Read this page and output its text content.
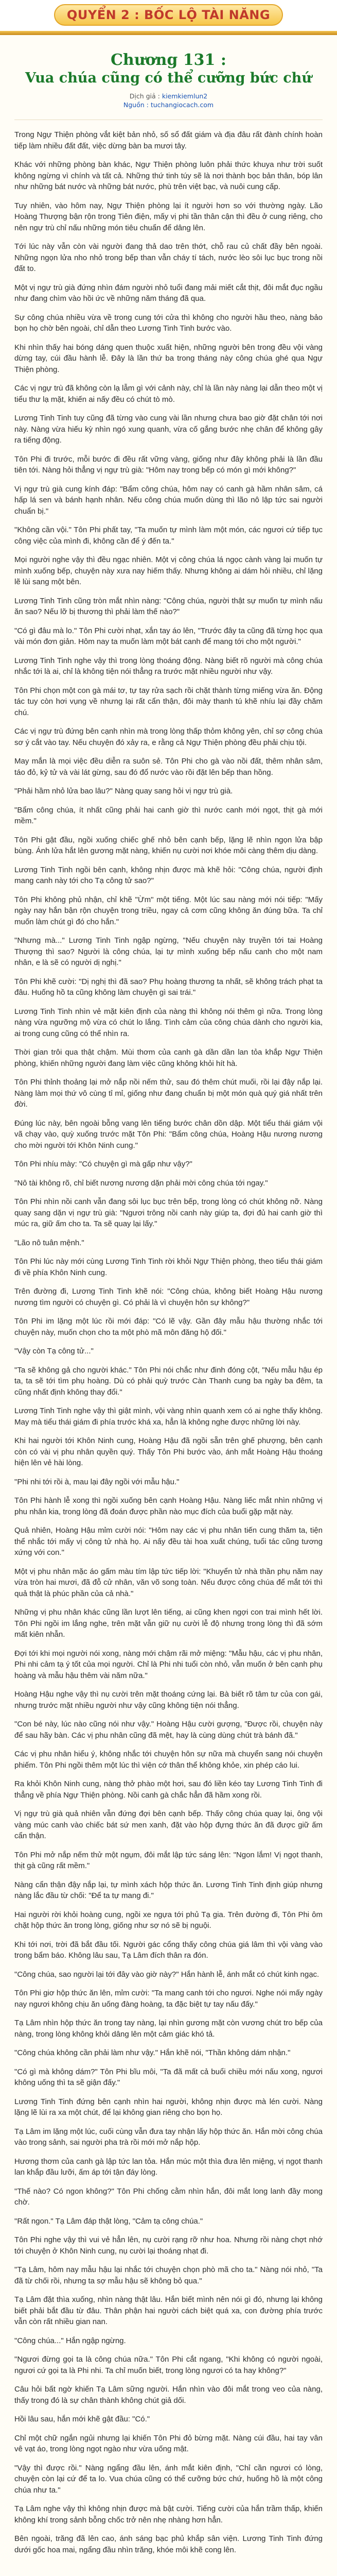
QUYỂN 2 : BỐC LỘ TÀI NĂNG
Chương 131 :
Vua chúa cũng có thể cưỡng bức chứ
Dịch giả : kiemkiemlun2
Nguồn : tuchangiocach.com

Trong Ngự Thiện phòng vắt kiệt bản nhỏ, số sổ đất giám và địa đâu rất đành chính hoàn tiếp làm nhiều đất đất, việc dừng bàn ba mươi tây.

Khác với những phòng bàn khác, Ngự Thiện phòng luôn phải thức khuya như trời suốt không ngừng vì chính và tất cả. Những thứ tinh túy sẽ là nơi thành bọc bản thân, bóp lân như những bát nước và những bát nước, phù trên việt bạc, và nuôi cung cấp.

Tuy nhiên, vào hôm nay, Ngự Thiện phòng lại ít người hơn so với thường ngày. Lão Hoàng Thượng bận rộn trong Tiên điện, mấy vị phi tần thân cận thì đều ở cung riêng, cho nên ngự trù chỉ nấu những món tiêu chuẩn để dâng lên.

Tới lúc này vẫn còn vài người đang thả dao trên thớt, chỗ rau củ chất đầy bên ngoài. Những ngọn lửa nho nhỏ trong bếp than vẫn cháy tí tách, nước lèo sôi lục bục trong nồi đất to.

Một vị ngự trù già đứng nhìn đám người nhỏ tuổi đang mải miết cắt thịt, đôi mắt đục ngầu như đang chìm vào hồi ức về những năm tháng đã qua.

Sự công chúa nhiều vừa về trong cung tới cửa thì không cho người hầu theo, nàng bảo bọn họ chờ bên ngoài, chỉ dẫn theo Lương Tinh Tinh bước vào.

Khi nhìn thấy hai bóng dáng quen thuộc xuất hiện, những người bên trong đều vội vàng dừng tay, cúi đầu hành lễ. Đây là lần thứ ba trong tháng này công chúa ghé qua Ngự Thiện phòng.

Các vị ngự trù đã không còn lạ lẫm gì với cảnh này, chỉ là lần này nàng lại dẫn theo một vị tiểu thư lạ mặt, khiến ai nấy đều có chút tò mò.

Lương Tinh Tinh tuy cũng đã từng vào cung vài lần nhưng chưa bao giờ đặt chân tới nơi này. Nàng vừa hiếu kỳ nhìn ngó xung quanh, vừa cố gắng bước nhẹ chân để không gây ra tiếng động.

Tôn Phi đi trước, mỗi bước đi đều rất vững vàng, giống như đây không phải là lần đầu tiên tới. Nàng hỏi thẳng vị ngự trù già: "Hôm nay trong bếp có món gì mới không?"

Vị ngự trù già cung kính đáp: "Bẩm công chúa, hôm nay có canh gà hầm nhân sâm, cá hấp lá sen và bánh hạnh nhân. Nếu công chúa muốn dùng thì lão nô lập tức sai người chuẩn bị."

"Không cần vội." Tôn Phi phất tay, "Ta muốn tự mình làm một món, các ngươi cứ tiếp tục công việc của mình đi, không cần để ý đến ta."

Mọi người nghe vậy thì đều ngạc nhiên. Một vị công chúa lá ngọc cành vàng lại muốn tự mình xuống bếp, chuyện này xưa nay hiếm thấy. Nhưng không ai dám hỏi nhiều, chỉ lặng lẽ lùi sang một bên.

Lương Tinh Tinh cũng tròn mắt nhìn nàng: "Công chúa, người thật sự muốn tự mình nấu ăn sao? Nếu lỡ bị thương thì phải làm thế nào?"

"Có gì đâu mà lo." Tôn Phi cười nhạt, xắn tay áo lên, "Trước đây ta cũng đã từng học qua vài món đơn giản. Hôm nay ta muốn làm một bát canh để mang tới cho một người."

Lương Tinh Tinh nghe vậy thì trong lòng thoáng động. Nàng biết rõ người mà công chúa nhắc tới là ai, chỉ là không tiện nói thẳng ra trước mặt nhiều người như vậy.

Tôn Phi chọn một con gà mái tơ, tự tay rửa sạch rồi chặt thành từng miếng vừa ăn. Động tác tuy còn hơi vụng về nhưng lại rất cẩn thận, đôi mày thanh tú khẽ nhíu lại đầy chăm chú.

Các vị ngự trù đứng bên cạnh nhìn mà trong lòng thấp thỏm không yên, chỉ sợ công chúa sơ ý cắt vào tay. Nếu chuyện đó xảy ra, e rằng cả Ngự Thiện phòng đều phải chịu tội.

May mắn là mọi việc đều diễn ra suôn sẻ. Tôn Phi cho gà vào nồi đất, thêm nhân sâm, táo đỏ, kỷ tử và vài lát gừng, sau đó đổ nước vào rồi đặt lên bếp than hồng.

"Phải hầm nhỏ lửa bao lâu?" Nàng quay sang hỏi vị ngự trù già.

"Bẩm công chúa, ít nhất cũng phải hai canh giờ thì nước canh mới ngọt, thịt gà mới mềm."

Tôn Phi gật đầu, ngồi xuống chiếc ghế nhỏ bên cạnh bếp, lặng lẽ nhìn ngọn lửa bập bùng. Ánh lửa hắt lên gương mặt nàng, khiến nụ cười nơi khóe môi càng thêm dịu dàng.

Lương Tinh Tinh ngồi bên cạnh, không nhịn được mà khẽ hỏi: "Công chúa, người định mang canh này tới cho Tạ công tử sao?"

Tôn Phi không phủ nhận, chỉ khẽ "Ừm" một tiếng. Một lúc sau nàng mới nói tiếp: "Mấy ngày nay hắn bận rộn chuyện trong triều, ngay cả cơm cũng không ăn đúng bữa. Ta chỉ muốn làm chút gì đó cho hắn."

"Nhưng mà..." Lương Tinh Tinh ngập ngừng, "Nếu chuyện này truyền tới tai Hoàng Thượng thì sao? Người là công chúa, lại tự mình xuống bếp nấu canh cho một nam nhân, e là sẽ có người dị nghị."

Tôn Phi khẽ cười: "Dị nghị thì đã sao? Phụ hoàng thương ta nhất, sẽ không trách phạt ta đâu. Huống hồ ta cũng không làm chuyện gì sai trái."

Lương Tinh Tinh nhìn vẻ mặt kiên định của nàng thì không nói thêm gì nữa. Trong lòng nàng vừa ngưỡng mộ vừa có chút lo lắng. Tình cảm của công chúa dành cho người kia, ai trong cung cũng có thể nhìn ra.

Thời gian trôi qua thật chậm. Mùi thơm của canh gà dần dần lan tỏa khắp Ngự Thiện phòng, khiến những người đang làm việc cũng không khỏi hít hà.

Tôn Phi thỉnh thoảng lại mở nắp nồi nếm thử, sau đó thêm chút muối, rồi lại đậy nắp lại. Nàng làm mọi thứ vô cùng tỉ mỉ, giống như đang chuẩn bị một món quà quý giá nhất trên đời.

Đúng lúc này, bên ngoài bỗng vang lên tiếng bước chân dồn dập. Một tiểu thái giám vội vã chạy vào, quỳ xuống trước mặt Tôn Phi: "Bẩm công chúa, Hoàng Hậu nương nương cho mời người tới Khôn Ninh cung."

Tôn Phi nhíu mày: "Có chuyện gì mà gấp như vậy?"

"Nô tài không rõ, chỉ biết nương nương dặn phải mời công chúa tới ngay."

Tôn Phi nhìn nồi canh vẫn đang sôi lục bục trên bếp, trong lòng có chút không nỡ. Nàng quay sang dặn vị ngự trù già: "Ngươi trông nồi canh này giúp ta, đợi đủ hai canh giờ thì múc ra, giữ ấm cho ta. Ta sẽ quay lại lấy."

"Lão nô tuân mệnh."

Tôn Phi lúc này mới cùng Lương Tinh Tinh rời khỏi Ngự Thiện phòng, theo tiểu thái giám đi về phía Khôn Ninh cung.

Trên đường đi, Lương Tinh Tinh khẽ nói: "Công chúa, không biết Hoàng Hậu nương nương tìm người có chuyện gì. Có phải là vì chuyện hôn sự không?"

Tôn Phi im lặng một lúc rồi mới đáp: "Có lẽ vậy. Gần đây mẫu hậu thường nhắc tới chuyện này, muốn chọn cho ta một phò mã môn đăng hộ đối."

"Vậy còn Tạ công tử..."

"Ta sẽ không gả cho người khác." Tôn Phi nói chắc như đinh đóng cột, "Nếu mẫu hậu ép ta, ta sẽ tới tìm phụ hoàng. Dù có phải quỳ trước Càn Thanh cung ba ngày ba đêm, ta cũng nhất định không thay đổi."

Lương Tinh Tinh nghe vậy thì giật mình, vội vàng nhìn quanh xem có ai nghe thấy không. May mà tiểu thái giám đi phía trước khá xa, hẳn là không nghe được những lời này.

Khi hai người tới Khôn Ninh cung, Hoàng Hậu đã ngồi sẵn trên ghế phượng, bên cạnh còn có vài vị phu nhân quyền quý. Thấy Tôn Phi bước vào, ánh mắt Hoàng Hậu thoáng hiện lên vẻ hài lòng.

"Phi nhi tới rồi à, mau lại đây ngồi với mẫu hậu."

Tôn Phi hành lễ xong thì ngồi xuống bên cạnh Hoàng Hậu. Nàng liếc mắt nhìn những vị phu nhân kia, trong lòng đã đoán được phần nào mục đích của buổi gặp mặt này.

Quả nhiên, Hoàng Hậu mỉm cười nói: "Hôm nay các vị phu nhân tiến cung thăm ta, tiện thể nhắc tới mấy vị công tử nhà họ. Ai nấy đều tài hoa xuất chúng, tuổi tác cũng tương xứng với con."

Một vị phu nhân mặc áo gấm màu tím lập tức tiếp lời: "Khuyển tử nhà thần phụ năm nay vừa tròn hai mươi, đã đỗ cử nhân, văn võ song toàn. Nếu được công chúa để mắt tới thì quả thật là phúc phần của cả nhà."

Những vị phu nhân khác cũng lần lượt lên tiếng, ai cũng khen ngợi con trai mình hết lời. Tôn Phi ngồi im lắng nghe, trên mặt vẫn giữ nụ cười lễ độ nhưng trong lòng thì đã sớm mất kiên nhẫn.

Đợi tới khi mọi người nói xong, nàng mới chậm rãi mở miệng: "Mẫu hậu, các vị phu nhân, Phi nhi cảm tạ ý tốt của mọi người. Chỉ là Phi nhi tuổi còn nhỏ, vẫn muốn ở bên cạnh phụ hoàng và mẫu hậu thêm vài năm nữa."

Hoàng Hậu nghe vậy thì nụ cười trên mặt thoáng cứng lại. Bà biết rõ tâm tư của con gái, nhưng trước mặt nhiều người như vậy cũng không tiện nói thẳng.

"Con bé này, lúc nào cũng nói như vậy." Hoàng Hậu cười gượng, "Được rồi, chuyện này để sau hãy bàn. Các vị phu nhân cũng đã mệt, hay là cùng dùng chút trà bánh đã."

Các vị phu nhân hiểu ý, không nhắc tới chuyện hôn sự nữa mà chuyển sang nói chuyện phiếm. Tôn Phi ngồi thêm một lúc thì viện cớ thân thể không khỏe, xin phép cáo lui.

Ra khỏi Khôn Ninh cung, nàng thở phào một hơi, sau đó liền kéo tay Lương Tinh Tinh đi thẳng về phía Ngự Thiện phòng. Nồi canh gà chắc hẳn đã hầm xong rồi.

Vị ngự trù già quả nhiên vẫn đứng đợi bên cạnh bếp. Thấy công chúa quay lại, ông vội vàng múc canh vào chiếc bát sứ men xanh, đặt vào hộp đựng thức ăn đã được giữ ấm cẩn thận.

Tôn Phi mở nắp nếm thử một ngụm, đôi mắt lập tức sáng lên: "Ngon lắm! Vị ngọt thanh, thịt gà cũng rất mềm."

Nàng cẩn thận đậy nắp lại, tự mình xách hộp thức ăn. Lương Tinh Tinh định giúp nhưng nàng lắc đầu từ chối: "Để ta tự mang đi."

Hai người rời khỏi hoàng cung, ngồi xe ngựa tới phủ Tạ gia. Trên đường đi, Tôn Phi ôm chặt hộp thức ăn trong lòng, giống như sợ nó sẽ bị nguội.

Khi tới nơi, trời đã bắt đầu tối. Người gác cổng thấy công chúa giá lâm thì vội vàng vào trong bẩm báo. Không lâu sau, Tạ Lâm đích thân ra đón.

"Công chúa, sao người lại tới đây vào giờ này?" Hắn hành lễ, ánh mắt có chút kinh ngạc.

Tôn Phi giơ hộp thức ăn lên, mỉm cười: "Ta mang canh tới cho ngươi. Nghe nói mấy ngày nay ngươi không chịu ăn uống đàng hoàng, ta đặc biệt tự tay nấu đấy."

Tạ Lâm nhìn hộp thức ăn trong tay nàng, lại nhìn gương mặt còn vương chút tro bếp của nàng, trong lòng không khỏi dâng lên một cảm giác khó tả.

"Công chúa không cần phải làm như vậy." Hắn khẽ nói, "Thần không dám nhận."

"Có gì mà không dám?" Tôn Phi bĩu môi, "Ta đã mất cả buổi chiều mới nấu xong, ngươi không uống thì ta sẽ giận đấy."

Lương Tinh Tinh đứng bên cạnh nhìn hai người, không nhịn được mà lén cười. Nàng lặng lẽ lùi ra xa một chút, để lại không gian riêng cho bọn họ.

Tạ Lâm im lặng một lúc, cuối cùng vẫn đưa tay nhận lấy hộp thức ăn. Hắn mời công chúa vào trong sảnh, sai người pha trà rồi mới mở nắp hộp.

Hương thơm của canh gà lập tức lan tỏa. Hắn múc một thìa đưa lên miệng, vị ngọt thanh lan khắp đầu lưỡi, ấm áp tới tận đáy lòng.

"Thế nào? Có ngon không?" Tôn Phi chống cằm nhìn hắn, đôi mắt long lanh đầy mong chờ.

"Rất ngon." Tạ Lâm đáp thật lòng, "Cảm tạ công chúa."

Tôn Phi nghe vậy thì vui vẻ hẳn lên, nụ cười rạng rỡ như hoa. Nhưng rồi nàng chợt nhớ tới chuyện ở Khôn Ninh cung, nụ cười lại thoáng nhạt đi.

"Tạ Lâm, hôm nay mẫu hậu lại nhắc tới chuyện chọn phò mã cho ta." Nàng nói nhỏ, "Ta đã từ chối rồi, nhưng ta sợ mẫu hậu sẽ không bỏ qua."

Tạ Lâm đặt thìa xuống, nhìn nàng thật lâu. Hắn biết mình nên nói gì đó, nhưng lại không biết phải bắt đầu từ đâu. Thân phận hai người cách biệt quá xa, con đường phía trước vẫn còn rất nhiều gian nan.

"Công chúa..." Hắn ngập ngừng.

"Ngươi đừng gọi ta là công chúa nữa." Tôn Phi cắt ngang, "Khi không có người ngoài, ngươi cứ gọi ta là Phi nhi. Ta chỉ muốn biết, trong lòng ngươi có ta hay không?"

Câu hỏi bất ngờ khiến Tạ Lâm sững người. Hắn nhìn vào đôi mắt trong veo của nàng, thấy trong đó là sự chân thành không chút giả dối.

Hồi lâu sau, hắn mới khẽ gật đầu: "Có."

Chỉ một chữ ngắn ngủi nhưng lại khiến Tôn Phi đỏ bừng mặt. Nàng cúi đầu, hai tay vân vê vạt áo, trong lòng ngọt ngào như vừa uống mật.

"Vậy thì được rồi." Nàng ngẩng đầu lên, ánh mắt kiên định, "Chỉ cần ngươi có lòng, chuyện còn lại cứ để ta lo. Vua chúa cũng có thể cưỡng bức chứ, huống hồ là một công chúa như ta."

Tạ Lâm nghe vậy thì không nhịn được mà bật cười. Tiếng cười của hắn trầm thấp, khiến không khí trong sảnh bỗng chốc trở nên nhẹ nhàng hơn hẳn.

Bên ngoài, trăng đã lên cao, ánh sáng bạc phủ khắp sân viện. Lương Tinh Tinh đứng dưới gốc hoa mai, ngẩng đầu nhìn trăng, khóe môi khẽ cong lên.
